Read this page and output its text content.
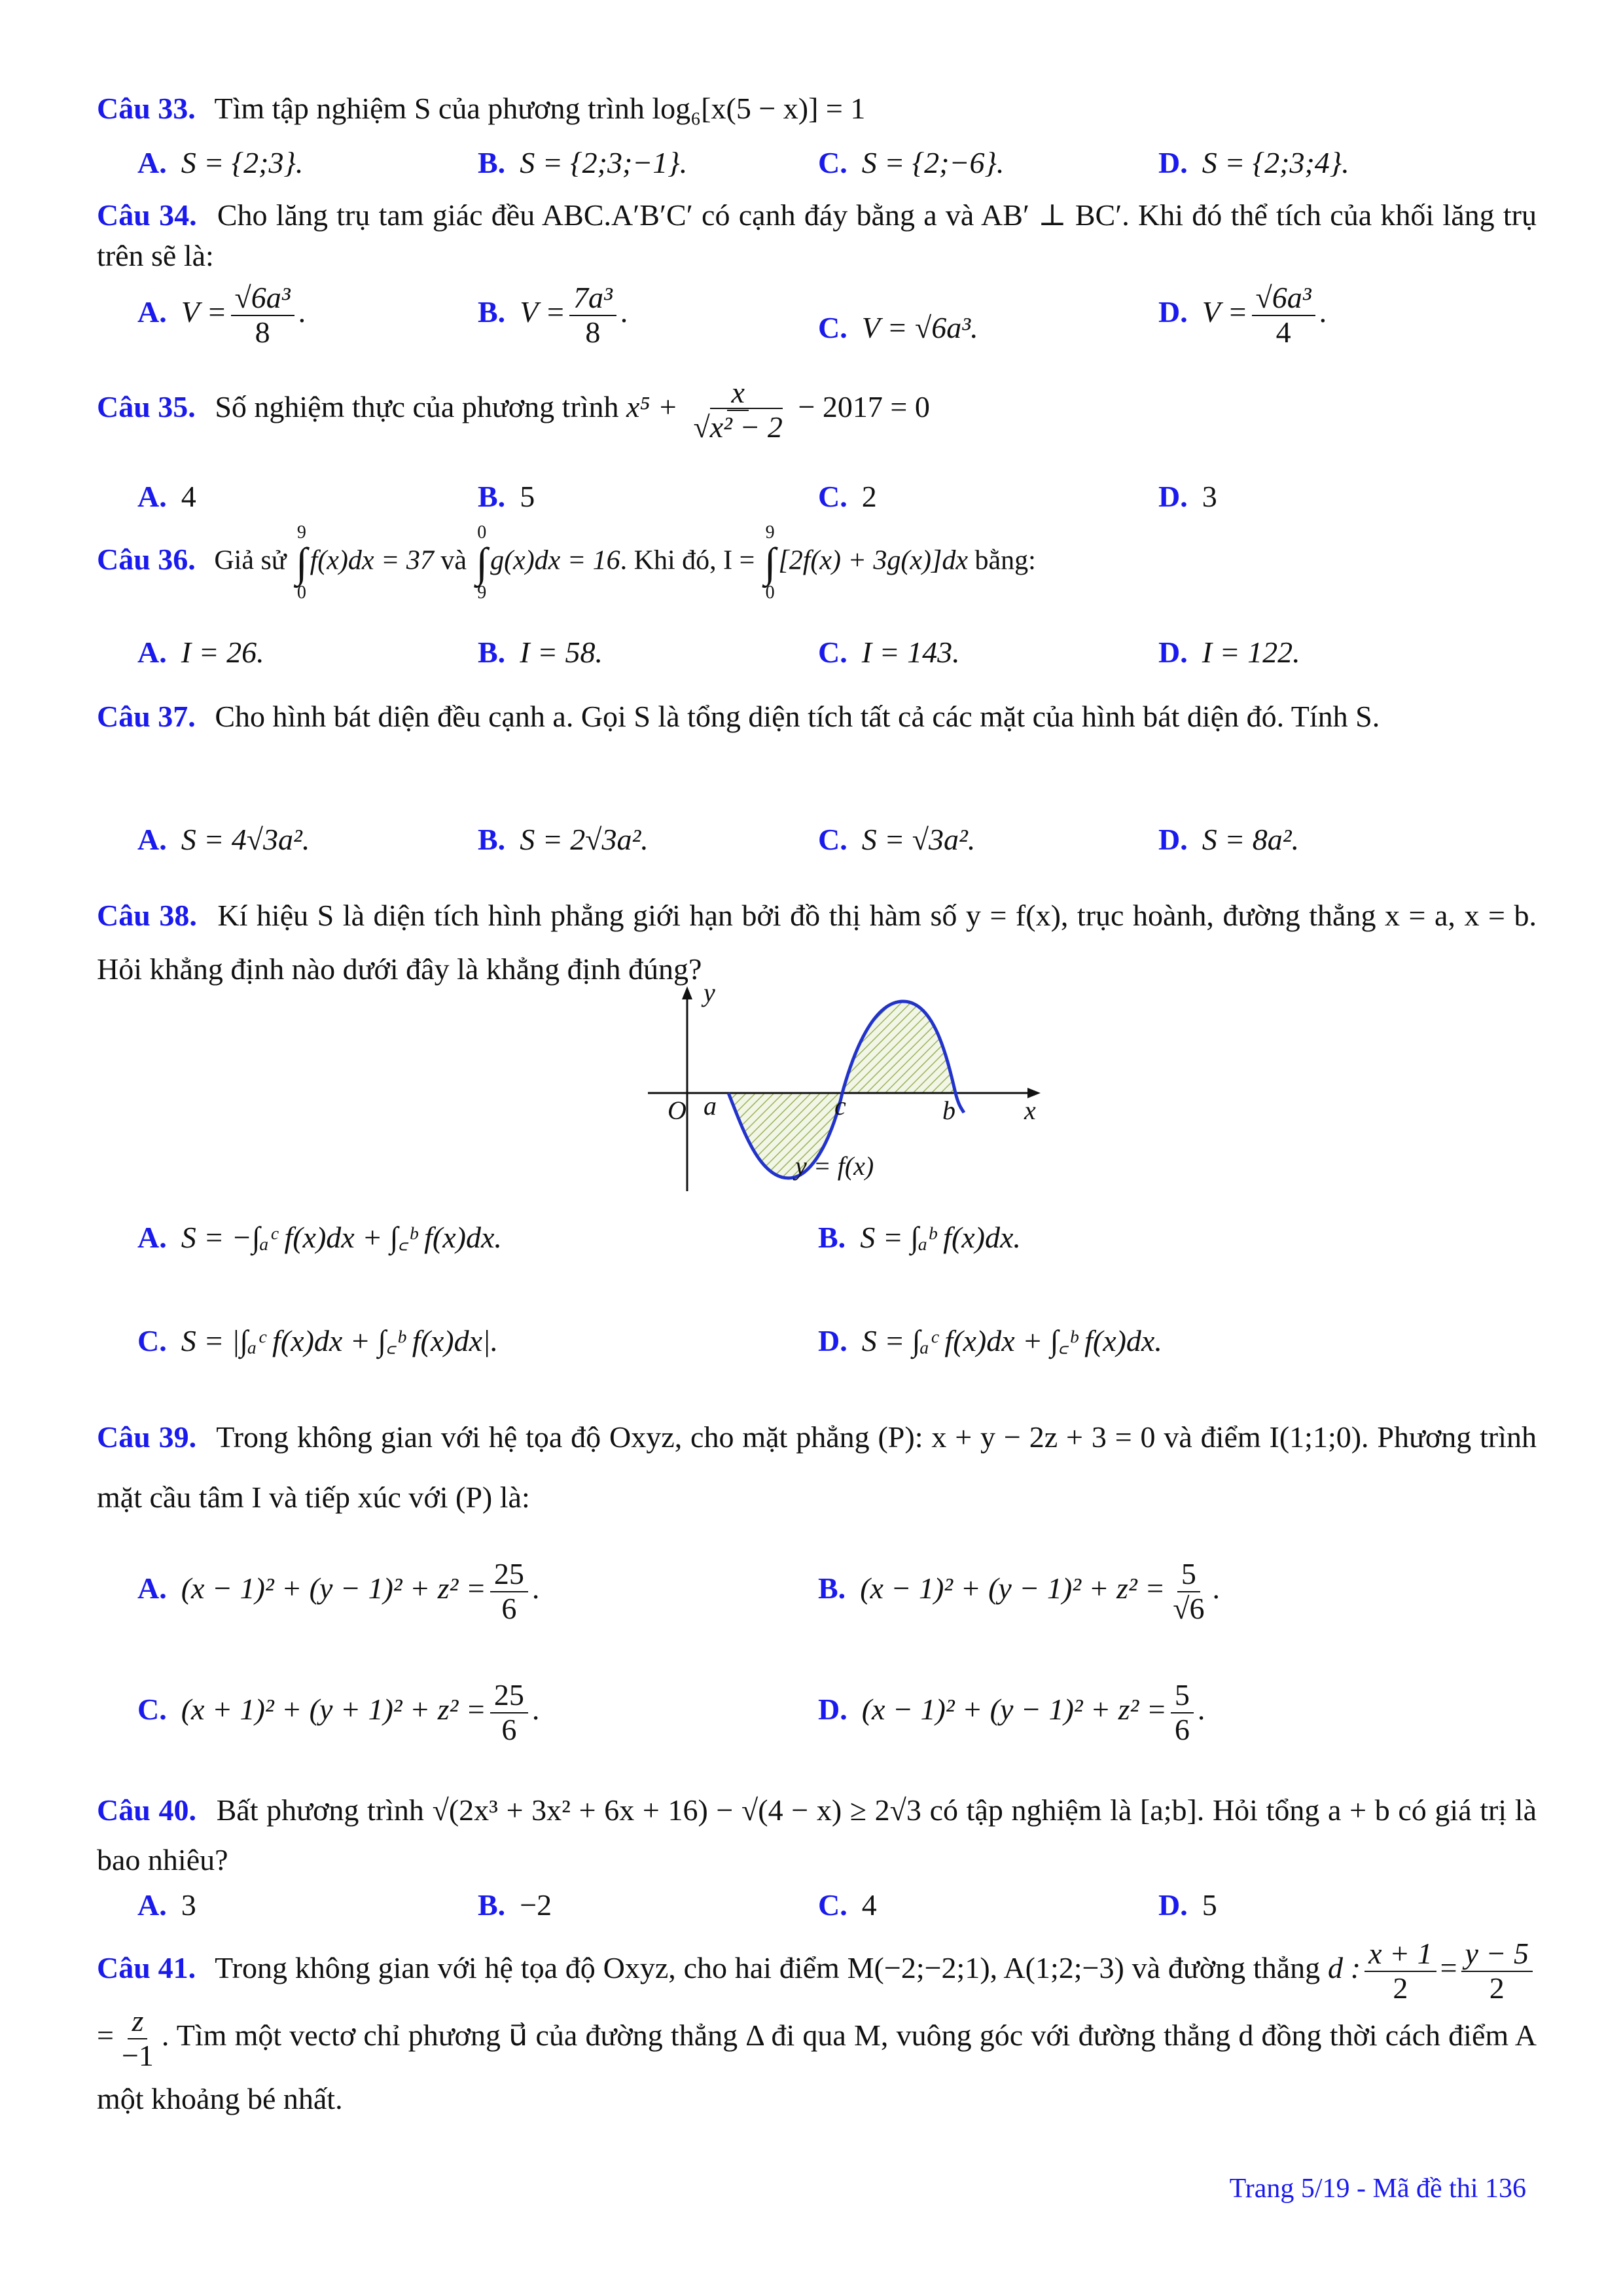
Câu 33. Tìm tập nghiệm S của phương trình log₆[x(5 − x)] = 1
A. S = {2;3}.	B. S = {2;3;−1}.	C. S = {2;−6}.	D. S = {2;3;4}.
Câu 34. Cho lăng trụ tam giác đều ABC.A′B′C′ có cạnh đáy bằng a và AB′ ⊥ BC′. Khi đó thể tích của khối lăng trụ trên sẽ là:
A. $V = \frac{\text{√6a³}}{8}$ .	B. $V = \frac{\text{7a³}}{8}$ .	C. V = √6a³.	D. $V = \frac{\text{√6a³}}{4}$ .
Câu 35. Số nghiệm thực của phương trình $x^5 + \frac{x}{\text{√x² − 2}} - 2017 = 0$
A. 4	B. 5	C. 2	D. 3
Câu 36. Giả sử
9
∫
0
f(x)dx = 37 và
0
∫
9
g(x)dx = 16. Khi đó, I =
9
∫
0
[2f(x) + 3g(x)]dx bằng:
A. I = 26.	B. I = 58.	C. I = 143.	D. I = 122.
Câu 37. Cho hình bát diện đều cạnh a. Gọi S là tổng diện tích tất cả các mặt của hình bát diện đó. Tính S.
A. S = 4√3a².	B. S = 2√3a².	C. S = √3a².	D. S = 8a².
Câu 38. Kí hiệu S là diện tích hình phẳng giới hạn bởi đồ thị hàm số y = f(x), trục hoành, đường thẳng x = a, x = b. Hỏi khẳng định nào dưới đây là khẳng định đúng?
y
x
O a	c	b
y = f(x)
A. S = −∫ₐᶜ f(x)dx + ∫꜀ᵇ f(x)dx.	B. S = ∫ₐᵇ f(x)dx.
C. S = |∫ₐᶜ f(x)dx + ∫꜀ᵇ f(x)dx|.	D. S = ∫ₐᶜ f(x)dx + ∫꜀ᵇ f(x)dx.
Câu 39. Trong không gian với hệ tọa độ Oxyz, cho mặt phẳng (P): x + y − 2z + 3 = 0 và điểm I(1;1;0). Phương trình mặt cầu tâm I và tiếp xúc với (P) là:
A. $(x - 1)^2 + (y - 1)^2 + z^2 = \frac{25}{6}$ .	B. $(x - 1)^2 + (y - 1)^2 + z^2 = \frac{5}{√6}$ .
C. $(x + 1)^2 + (y + 1)^2 + z^2 = \frac{25}{6}$ .	D. $(x - 1)^2 + (y - 1)^2 + z^2 = \frac{5}{6}$ .
Câu 40. Bất phương trình √(2x³ + 3x² + 6x + 16) − √(4 − x) ≥ 2√3 có tập nghiệm là [a;b]. Hỏi tổng a + b có giá trị là bao nhiêu?
A. 3	B. −2	C. 4	D. 5
Câu 41. Trong không gian với hệ tọa độ Oxyz, cho hai điểm M(−2;−2;1), A(1;2;−3) và đường thẳng d : $\frac{x + 1}{2} = \frac{y - 5}{2}$
= $\frac{z}{-1}$ . Tìm một vectơ chỉ phương u⃗ của đường thẳng Δ đi qua M, vuông góc với đường thẳng d đồng thời cách điểm A một khoảng bé nhất.
Trang 5/19 - Mã đề thi 136
